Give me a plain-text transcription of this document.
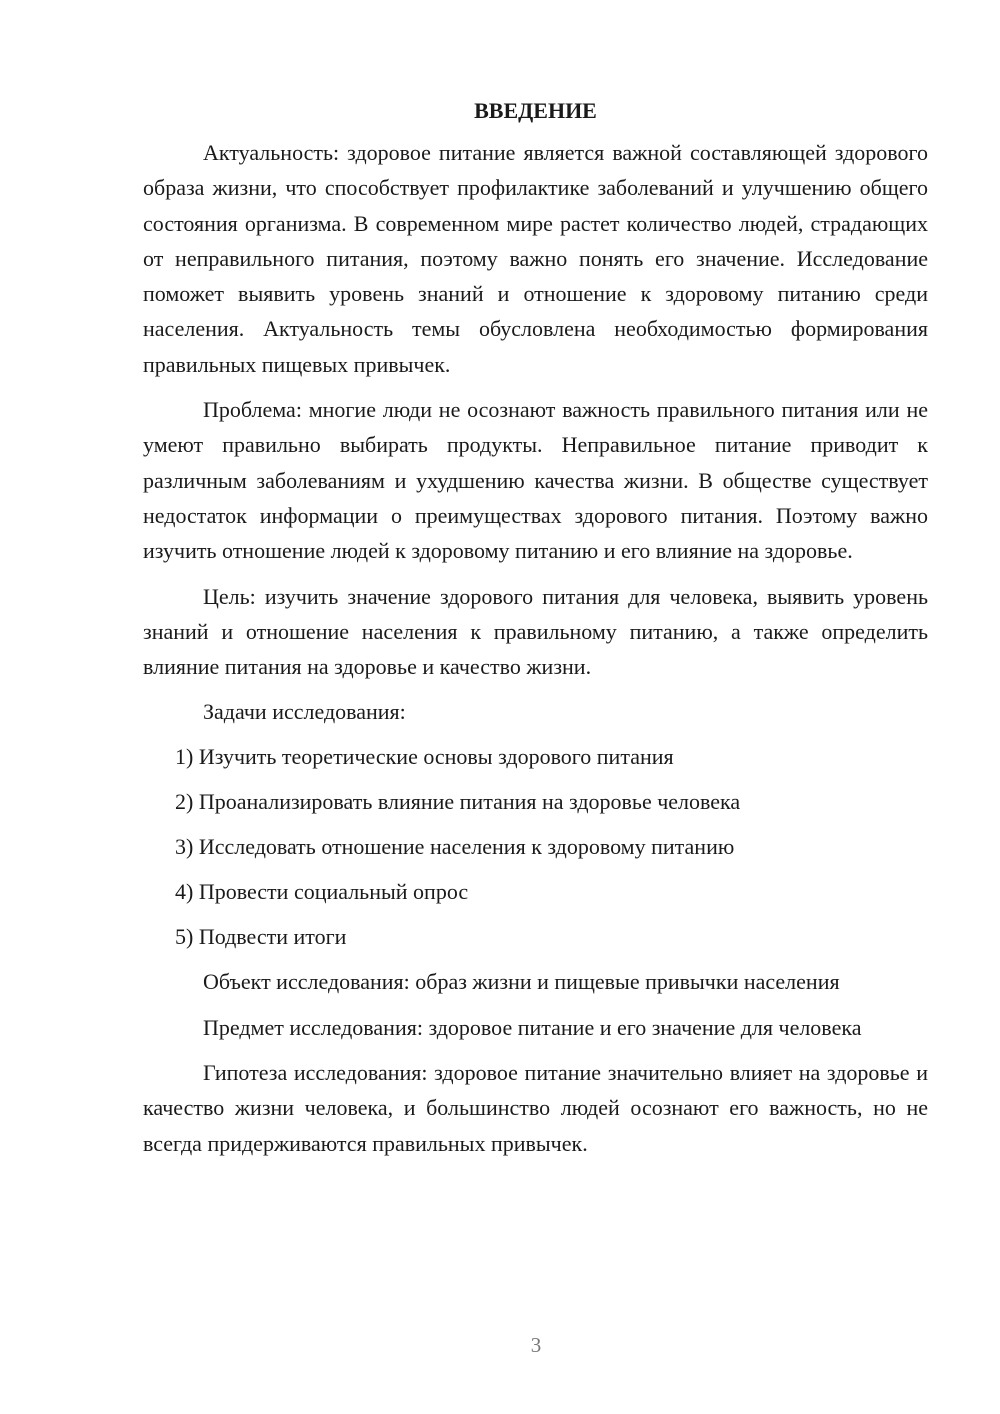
ВВЕДЕНИЕ

Актуальность: здоровое питание является важной составляющей здорового образа жизни, что способствует профилактике заболеваний и улучшению общего состояния организма. В современном мире растет количество людей, страдающих от неправильного питания, поэтому важно понять его значение. Исследование поможет выявить уровень знаний и отношение к здоровому питанию среди населения. Актуальность темы обусловлена необходимостью формирования правильных пищевых привычек.

Проблема: многие люди не осознают важность правильного питания или не умеют правильно выбирать продукты. Неправильное питание приводит к различным заболеваниям и ухудшению качества жизни. В обществе существует недостаток информации о преимуществах здорового питания. Поэтому важно изучить отношение людей к здоровому питанию и его влияние на здоровье.

Цель: изучить значение здорового питания для человека, выявить уровень знаний и отношение населения к правильному питанию, а также определить влияние питания на здоровье и качество жизни.

Задачи исследования:

1) Изучить теоретические основы здорового питания
2) Проанализировать влияние питания на здоровье человека
3) Исследовать отношение населения к здоровому питанию
4) Провести социальный опрос
5) Подвести итоги

Объект исследования: образ жизни и пищевые привычки населения

Предмет исследования: здоровое питание и его значение для человека

Гипотеза исследования: здоровое питание значительно влияет на здоровье и качество жизни человека, и большинство людей осознают его важность, но не всегда придерживаются правильных привычек.

3
